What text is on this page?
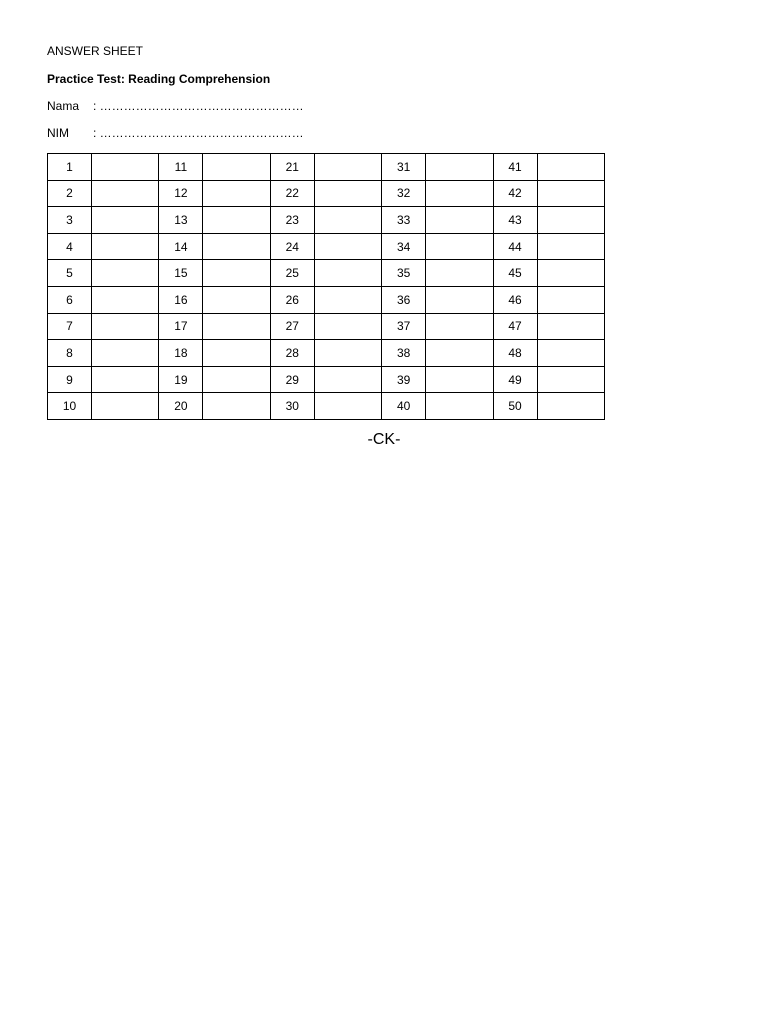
ANSWER SHEET
Practice Test: Reading Comprehension
Nama : ……………………………………………
NIM : ……………………………………………
1		11		21		31		41	
2		12		22		32		42	
3		13		23		33		43	
4		14		24		34		44	
5		15		25		35		45	
6		16		26		36		46	
7		17		27		37		47	
8		18		28		38		48	
9		19		29		39		49	
10		20		30		40		50	
-CK-
